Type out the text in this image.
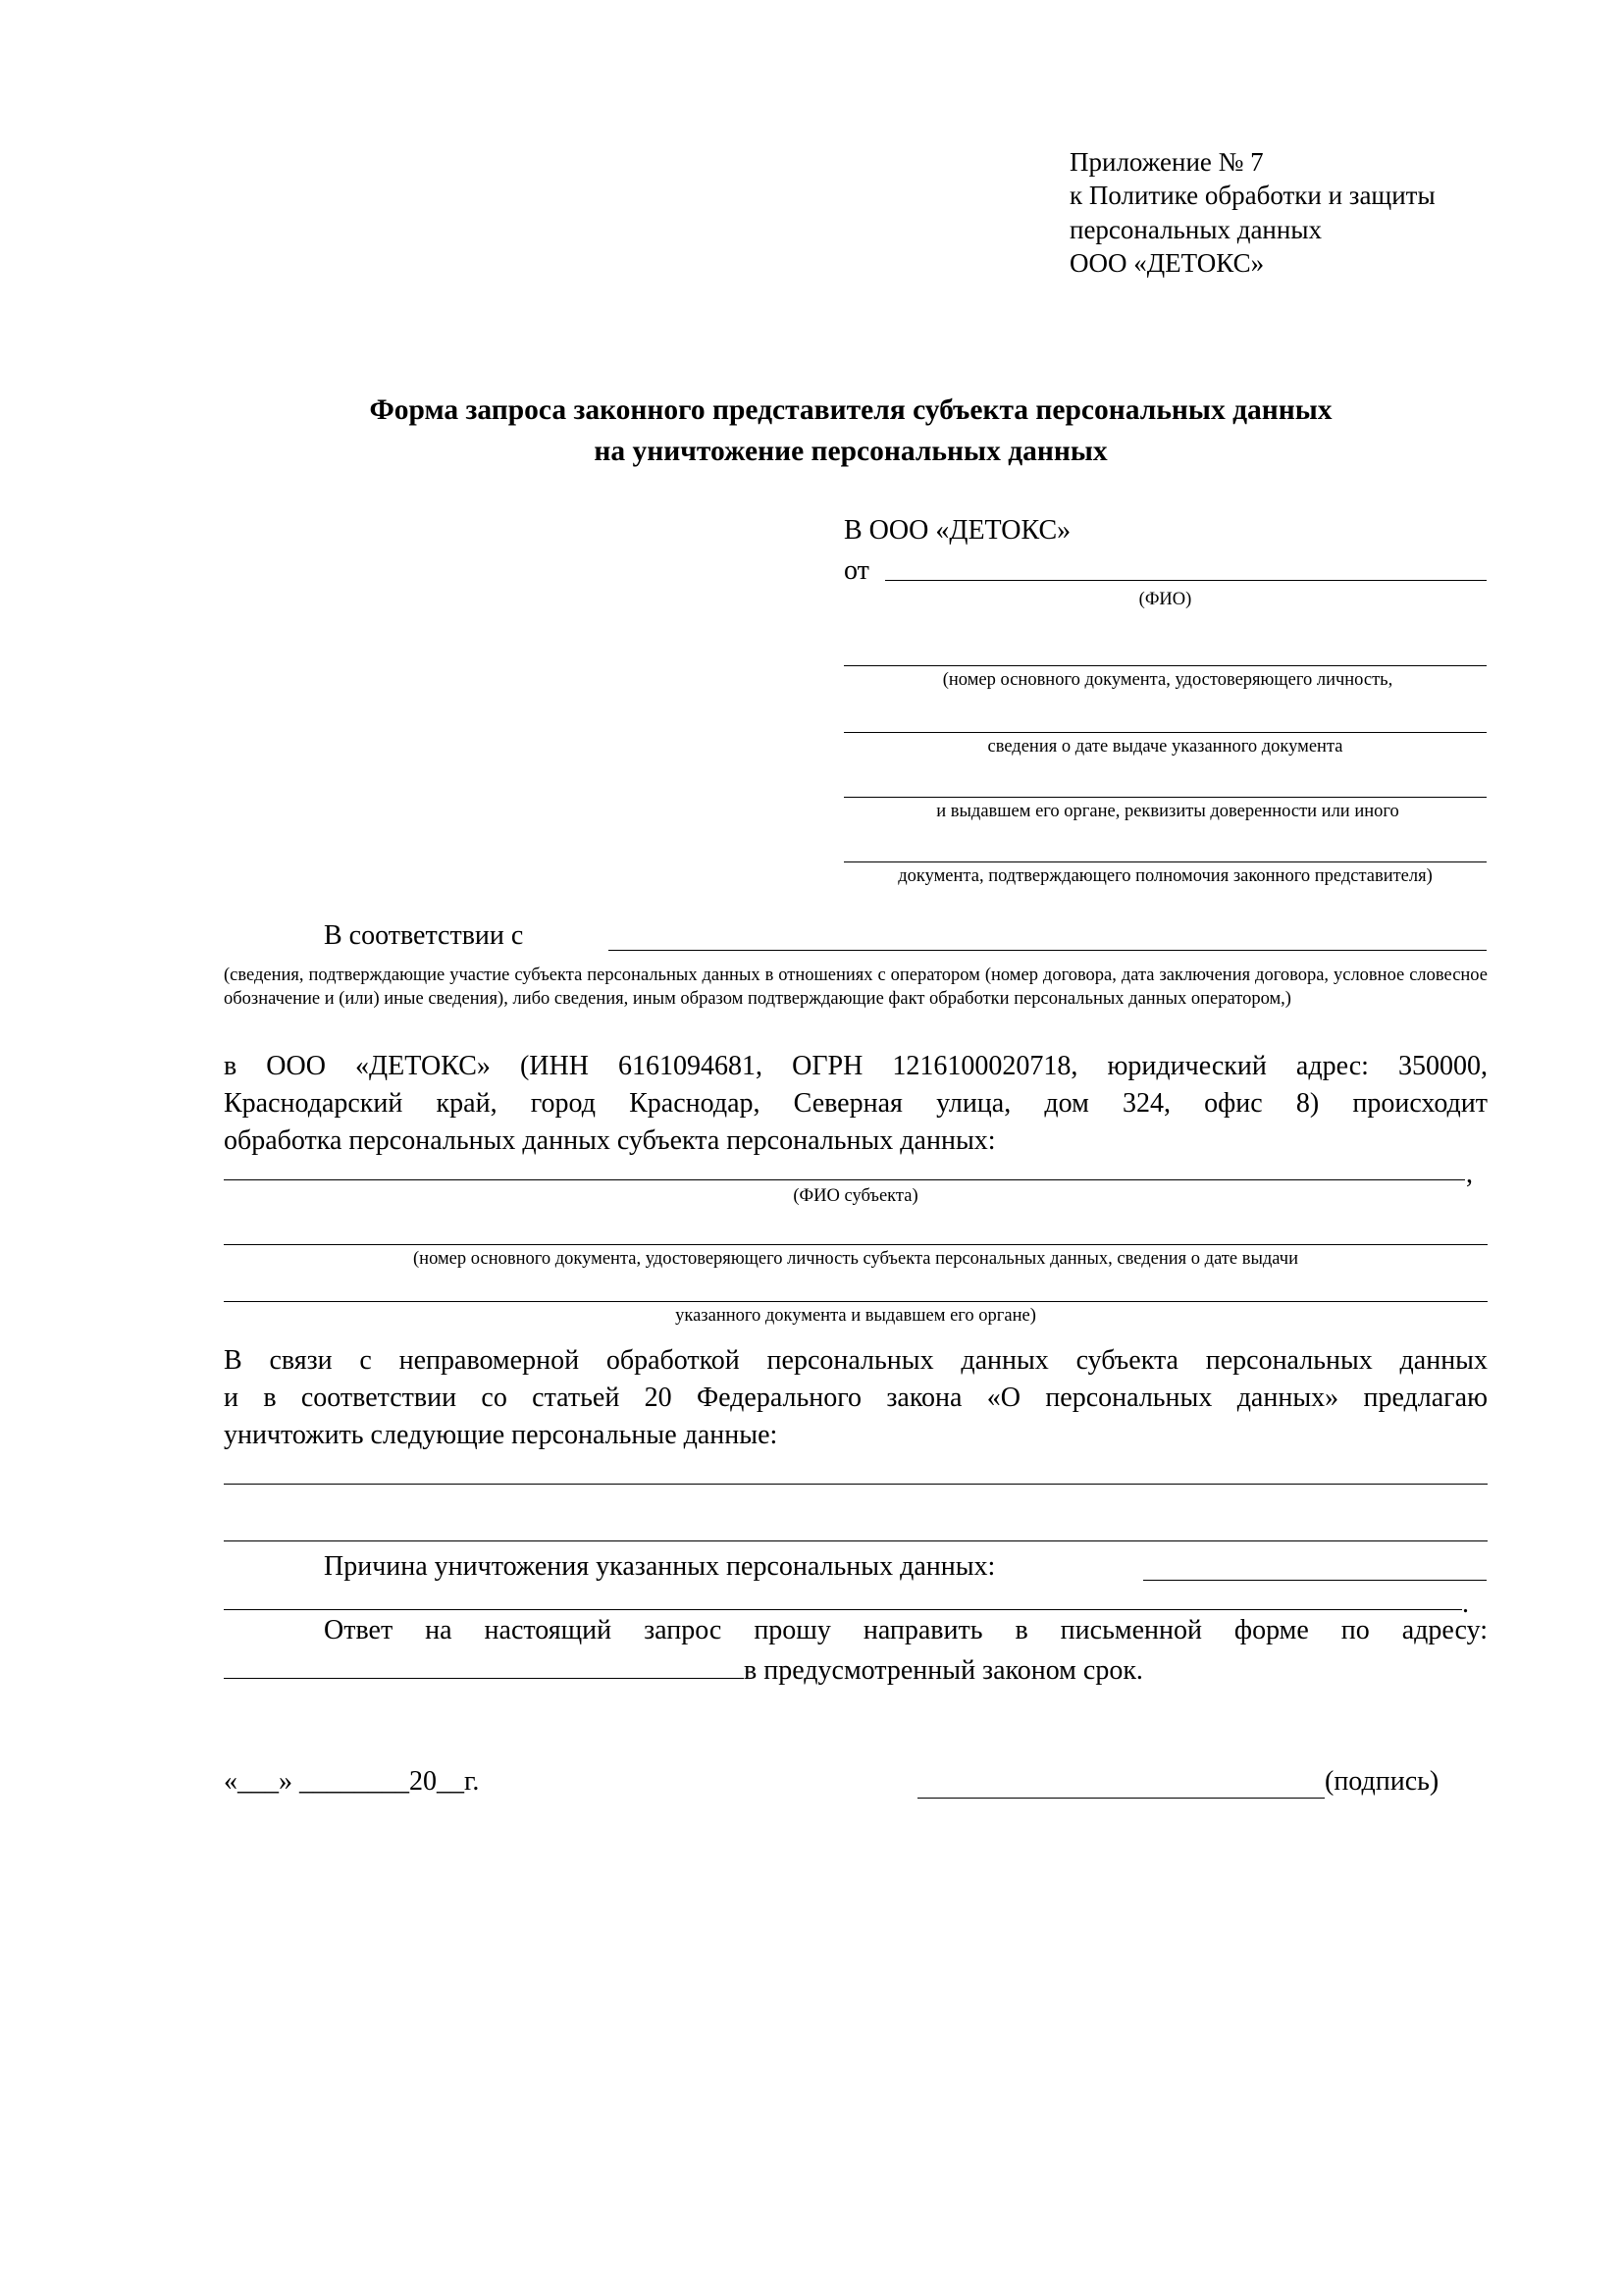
Приложение № 7
к Политике обработки и защиты
персональных данных
ООО «ДЕТОКС»
Форма запроса законного представителя субъекта персональных данных
на уничтожение персональных данных
В ООО «ДЕТОКС»
от
(ФИО)
(номер основного документа, удостоверяющего личность,
сведения о дате выдаче указанного документа
и выдавшем его органе, реквизиты доверенности или иного
документа, подтверждающего полномочия законного представителя)
В соответствии с
(сведения, подтверждающие участие субъекта персональных данных в отношениях с оператором (номер договора, дата заключения договора, условное словесное обозначение и (или) иные сведения), либо сведения, иным образом подтверждающие факт обработки персональных данных оператором,)
в ООО «ДЕТОКС» (ИНН 6161094681, ОГРН 1216100020718, юридический адрес: 350000,
Краснодарский край, город Краснодар, Северная улица, дом 324, офис 8) происходит
обработка персональных данных субъекта персональных данных:
,
(ФИО субъекта)
(номер основного документа, удостоверяющего личность субъекта персональных данных, сведения о дате выдачи
указанного документа и выдавшем его органе)
В связи с неправомерной обработкой персональных данных субъекта персональных данных
и в соответствии со статьей 20 Федерального закона «О персональных данных» предлагаю
уничтожить следующие персональные данные:
Причина уничтожения указанных персональных данных:
.
Ответ на настоящий запрос прошу направить в письменной форме по адресу:
в предусмотренный законом срок.
«___» ________20__г.	(подпись)
